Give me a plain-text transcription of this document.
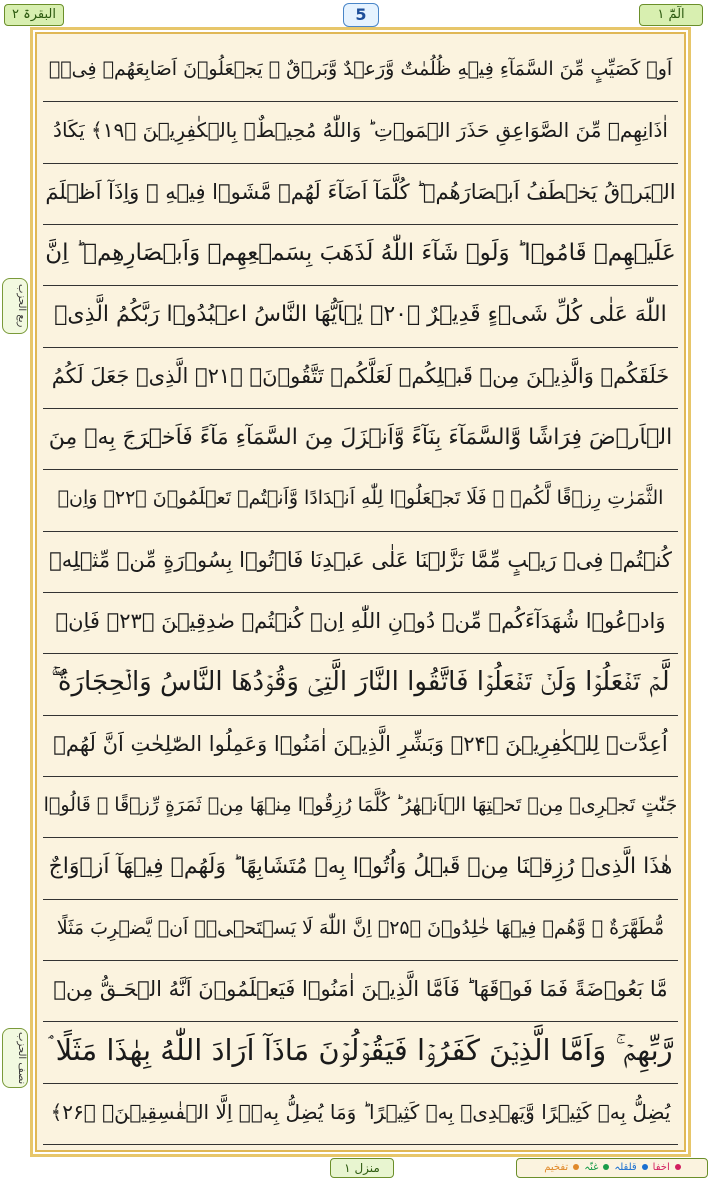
الٓمّٓ ۱
5
البقرۃ ۲
اَوۡ كَصَيِّبٍ مِّنَ السَّمَآءِ فِيۡهِ ظُلُمٰتٌ وَّرَعۡدٌ وَّبَرۡقٌ ۚ يَجۡعَلُوۡنَ اَصَابِعَهُمۡ فِىۡۤ
اٰذَانِهِمۡ مِّنَ الصَّوَاعِقِ حَذَرَ الۡمَوۡتِ ؕ وَاللّٰهُ مُحِيۡطٌۢ بِالۡكٰفِرِيۡنَ ﴿۱۹﴾ يَكَادُ
الۡبَرۡقُ يَخۡطَفُ اَبۡصَارَهُمۡ ؕ كُلَّمَآ اَضَآءَ لَهُمۡ مَّشَوۡا فِيۡهِ ۙ وَاِذَآ اَظۡلَمَ
عَلَيۡهِمۡ قَامُوۡا ؕ وَلَوۡ شَآءَ اللّٰهُ لَذَهَبَ بِسَمۡعِهِمۡ وَاَبۡصَارِهِمۡ ؕ اِنَّ
اللّٰهَ عَلٰى كُلِّ شَىۡءٍ قَدِيۡرٌ ﴿۲۰﴾ يٰۤاَيُّهَا النَّاسُ اعۡبُدُوۡا رَبَّكُمُ الَّذِىۡ
خَلَقَكُمۡ وَالَّذِيۡنَ مِنۡ قَبۡلِكُمۡ لَعَلَّكُمۡ تَتَّقُوۡنَۙ ﴿۲۱﴾ الَّذِىۡ جَعَلَ لَكُمُ
الۡاَرۡضَ فِرَاشًا وَّالسَّمَآءَ بِنَآءً وَّاَنۡزَلَ مِنَ السَّمَآءِ مَآءً فَاَخۡرَجَ بِهٖ مِنَ
الثَّمَرٰتِ رِزۡقًا لَّكُمۡ ۚ فَلَا تَجۡعَلُوۡا لِلّٰهِ اَنۡدَادًا وَّاَنۡتُمۡ تَعۡلَمُوۡنَ ﴿۲۲﴾ وَاِنۡ
كُنۡتُمۡ فِىۡ رَيۡبٍ مِّمَّا نَزَّلۡنَا عَلٰى عَبۡدِنَا فَاۡتُوۡا بِسُوۡرَةٍ مِّنۡ مِّثۡلِهٖ
وَادۡعُوۡا شُهَدَآءَكُمۡ مِّنۡ دُوۡنِ اللّٰهِ اِنۡ كُنۡتُمۡ صٰدِقِيۡنَ ﴿۲۳﴾ فَاِنۡ
لَّمۡ تَفۡعَلُوۡا وَلَنۡ تَفۡعَلُوۡا فَاتَّقُوا النَّارَ الَّتِىۡ وَقُوۡدُهَا النَّاسُ وَالۡحِجَارَةُ ۖۚ
اُعِدَّتۡ لِلۡكٰفِرِيۡنَ ﴿۲۴﴾ وَبَشِّرِ الَّذِيۡنَ اٰمَنُوۡا وَعَمِلُوا الصّٰلِحٰتِ اَنَّ لَهُمۡ
جَنّٰتٍ تَجۡرِىۡ مِنۡ تَحۡتِهَا الۡاَنۡهٰرُ ؕ كُلَّمَا رُزِقُوۡا مِنۡهَا مِنۡ ثَمَرَةٍ رِّزۡقًا ۙ قَالُوۡا
هٰذَا الَّذِىۡ رُزِقۡنَا مِنۡ قَبۡلُ وَاُتُوۡا بِهٖ مُتَشَابِهًا ؕ وَلَهُمۡ فِيۡهَآ اَزۡوَاجٌ
مُّطَهَّرَةٌ ۙ وَّهُمۡ فِيۡهَا خٰلِدُوۡنَ ﴿۲۵﴾ اِنَّ اللّٰهَ لَا يَسۡتَحۡىٖۤ اَنۡ يَّضۡرِبَ مَثَلًا
مَّا بَعُوۡضَةً فَمَا فَوۡقَهَا ؕ فَاَمَّا الَّذِيۡنَ اٰمَنُوۡا فَيَعۡلَمُوۡنَ اَنَّهُ الۡحَـقُّ مِنۡ
رَّبِّهِمۡ ۚ وَاَمَّا الَّذِيۡنَ كَفَرُوۡا فَيَقُوۡلُوۡنَ مَاذَآ اَرَادَ اللّٰهُ بِهٰذَا مَثَلًا ۘ
يُضِلُّ بِهٖ كَثِيۡرًا وَّيَهۡدِىۡ بِهٖ كَثِيۡرًا ؕ وَمَا يُضِلُّ بِهٖۤ اِلَّا الۡفٰسِقِيۡنَۙ ﴿۲۶﴾
ربع الحزب
نصف الحزب
منزل ۱	اخفاقلقلہغنّہتفخیم
